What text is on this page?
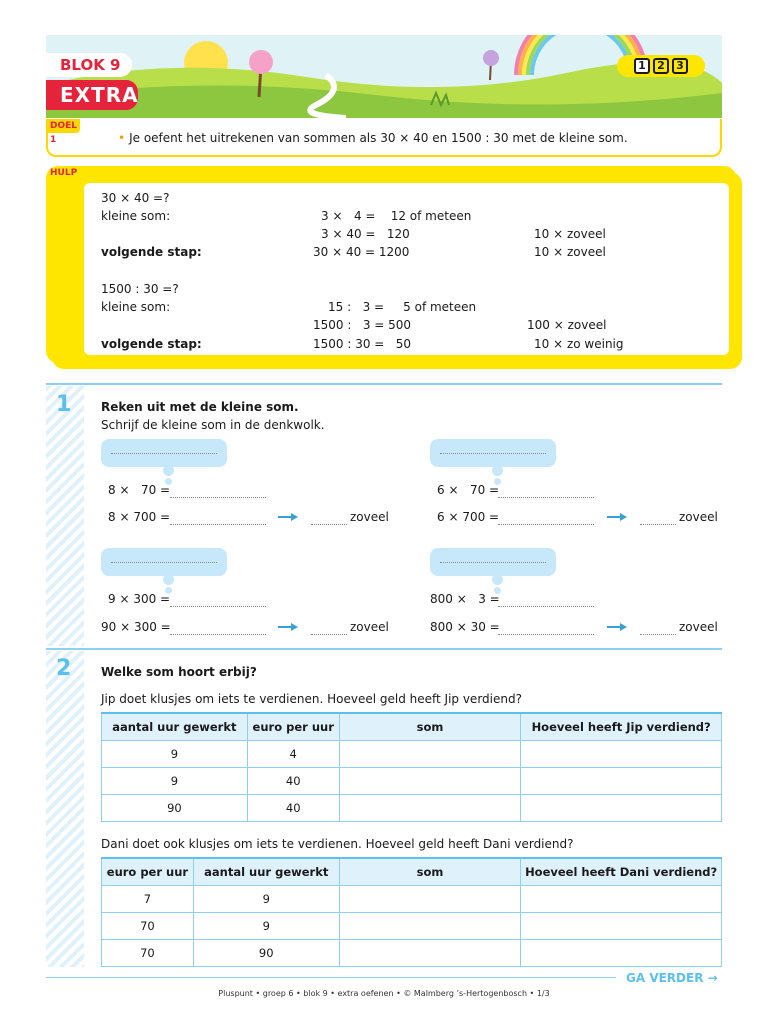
BLOK 9
EXTRA
1	2	3
DOEL 1	• Je oefent het uitrekenen van sommen als 30 × 40 en 1500 : 30 met de kleine som.
HULP
30 × 40 =?
kleine som:	3 ×   4 =    12 of meteen
3 × 40 =   120	10 × zoveel
volgende stap:	30 × 40 = 1200	10 × zoveel
1500 : 30 =?
kleine som:	15 :   3 =     5 of meteen
1500 :   3 = 500	100 × zoveel
volgende stap:	1500 : 30 =   50	10 × zo weinig
1 Reken uit met de kleine som.
Schrijf de kleine som in de denkwolk.
8 ×   70 =
8 × 700 =	zoveel
6 ×   70 =
6 × 700 =	zoveel
9 × 300 =
90 × 300 =	zoveel
800 ×   3 =
800 × 30 =	zoveel
2 Welke som hoort erbij?
Jip doet klusjes om iets te verdienen. Hoeveel geld heeft Jip verdiend?
aantal uur gewerkt	euro per uur	som	Hoeveel heeft Jip verdiend?
9	4		
9	40		
90	40		
Dani doet ook klusjes om iets te verdienen. Hoeveel geld heeft Dani verdiend?
euro per uur	aantal uur gewerkt	som	Hoeveel heeft Dani verdiend?
7	9		
70	9		
70	90		
GA VERDER →
Pluspunt • groep 6 • blok 9 • extra oefenen • © Malmberg ’s-Hertogenbosch • 1/3
